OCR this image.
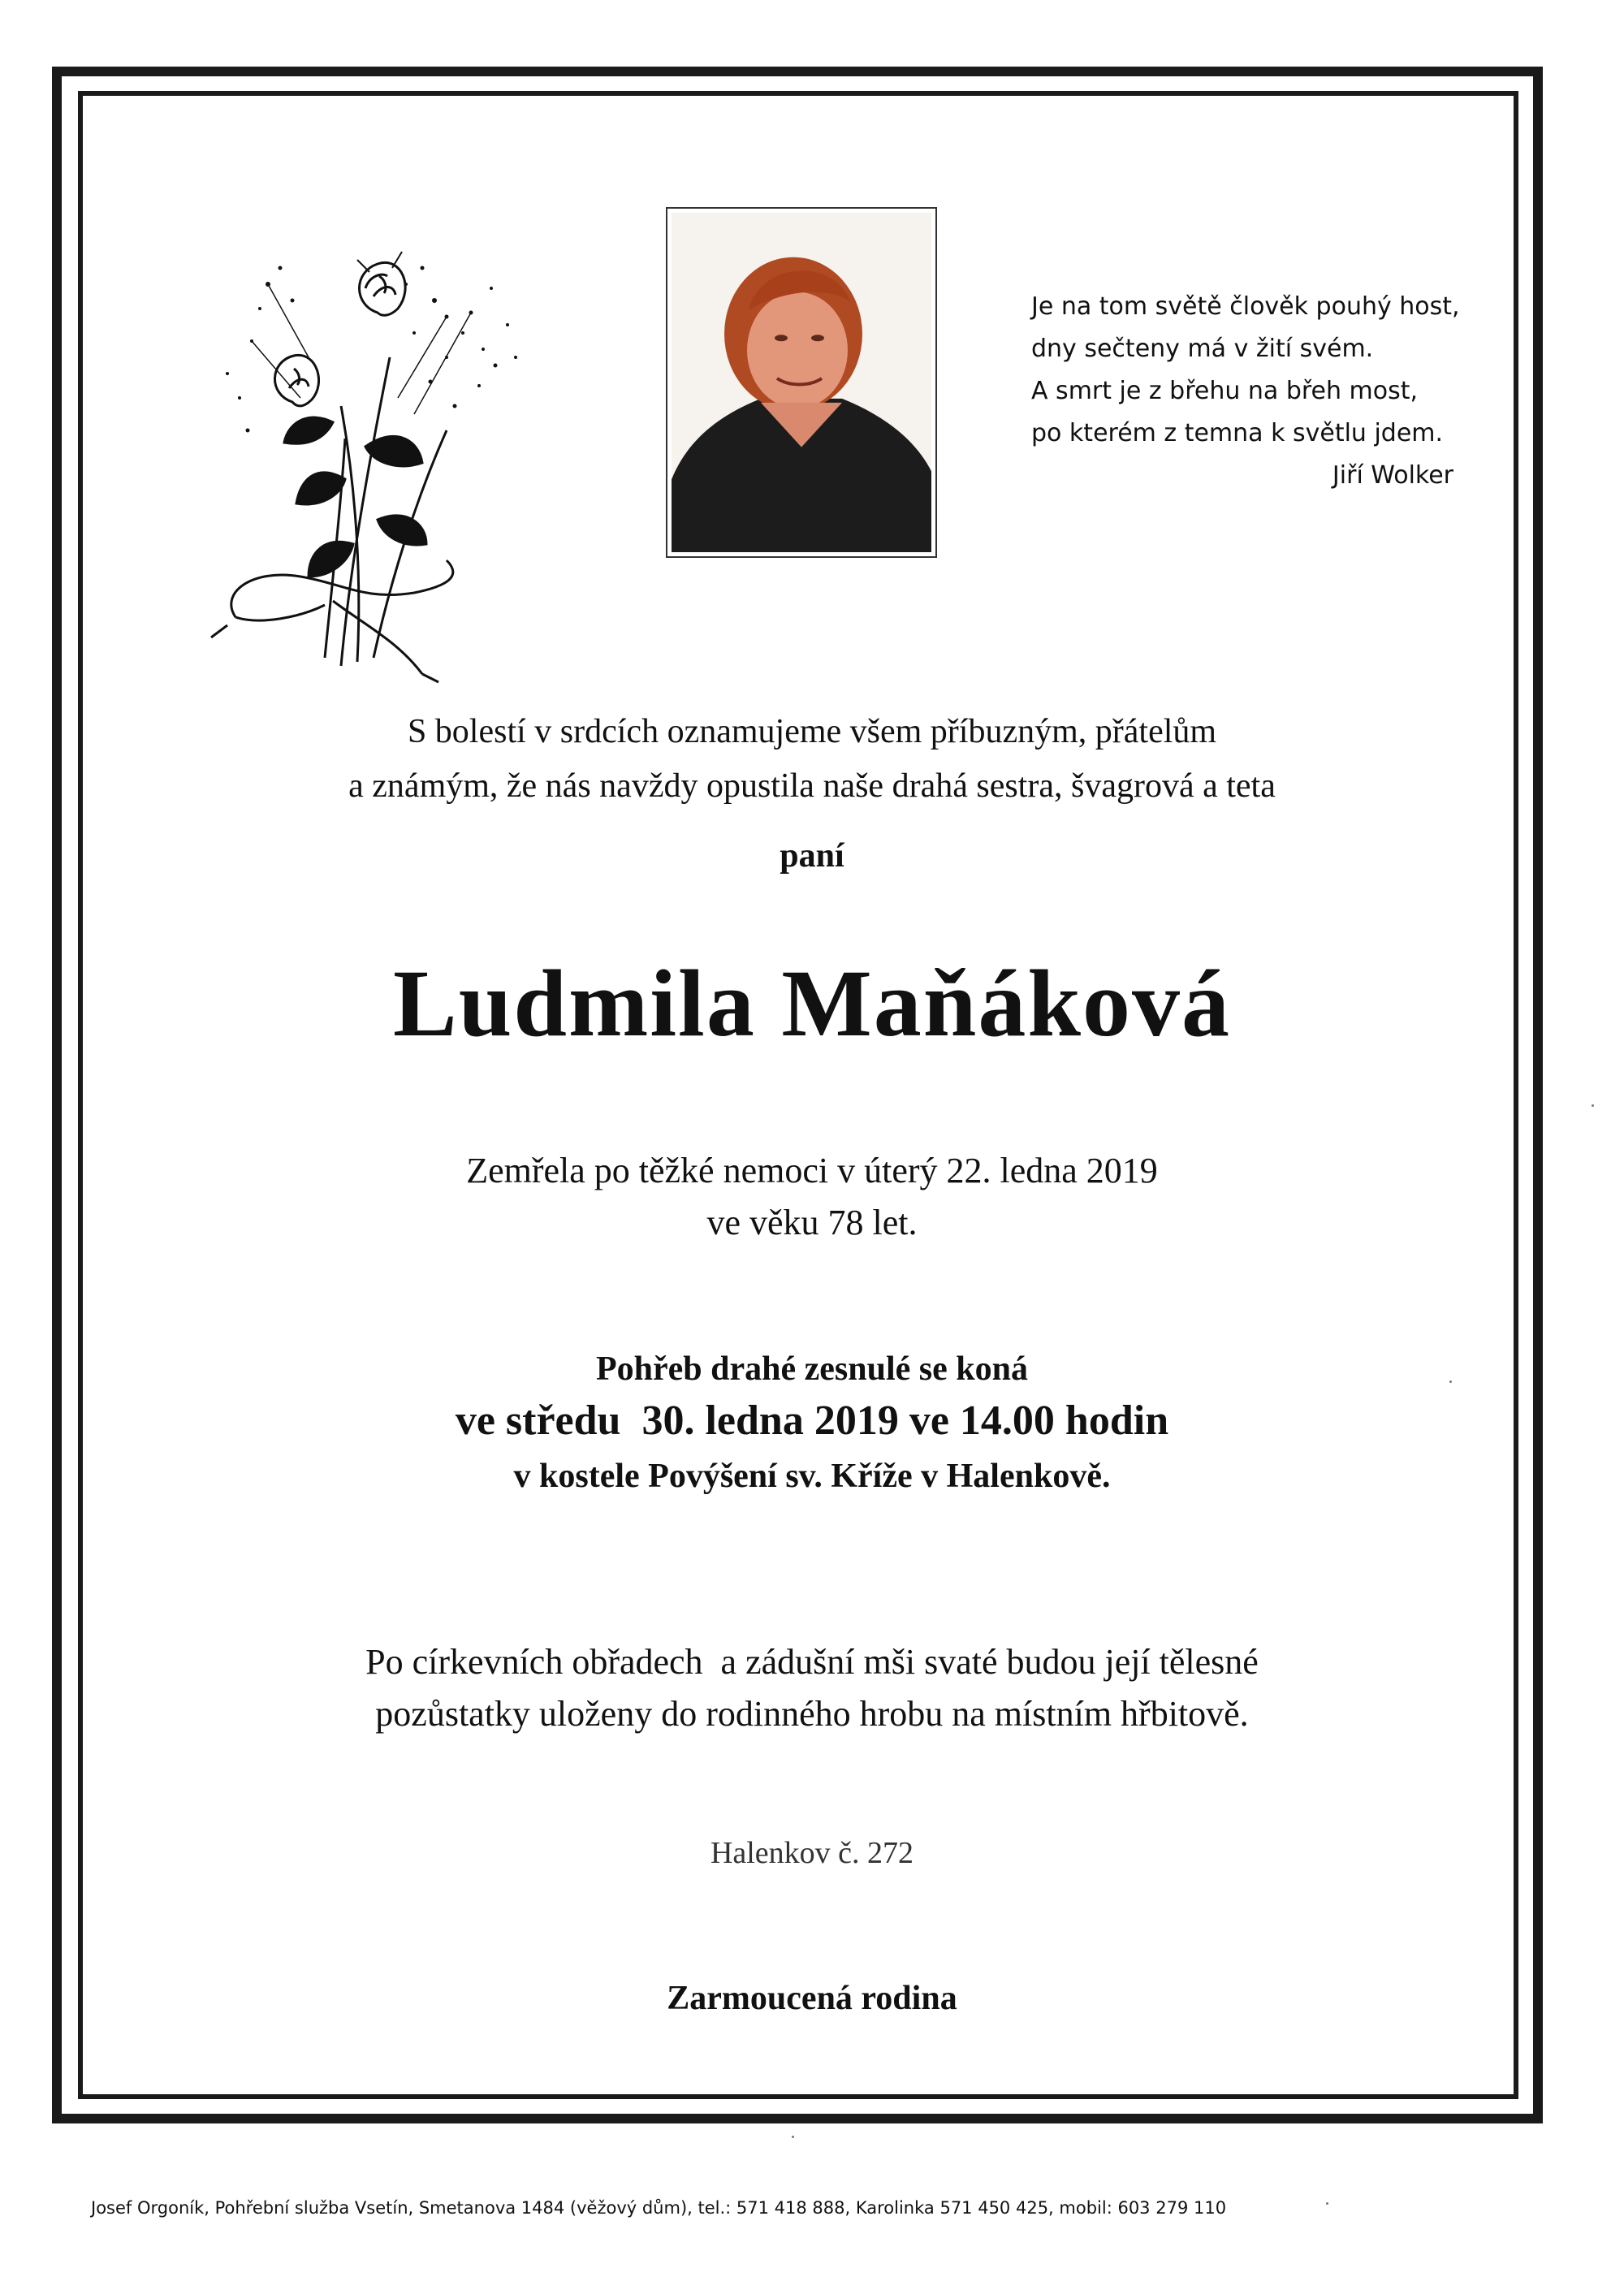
Je na tom světě člověk pouhý host,
dny sečteny má v žití svém.
A smrt je z břehu na břeh most,
po kterém z temna k světlu jdem.
Jiří Wolker
S bolestí v srdcích oznamujeme všem příbuzným, přátelům
a známým, že nás navždy opustila naše drahá sestra, švagrová a teta
paní
Ludmila Maňáková
Zemřela po těžké nemoci v úterý 22. ledna 2019
ve věku 78 let.
Pohřeb drahé zesnulé se koná
ve středu  30. ledna 2019 ve 14.00 hodin
v kostele Povýšení sv. Kříže v Halenkově.
Po církevních obřadech  a zádušní mši svaté budou její tělesné
pozůstatky uloženy do rodinného hrobu na místním hřbitově.
Halenkov č. 272
Zarmoucená rodina
Josef Orgoník, Pohřební služba Vsetín, Smetanova 1484 (věžový dům), tel.: 571 418 888, Karolinka 571 450 425, mobil: 603 279 110
